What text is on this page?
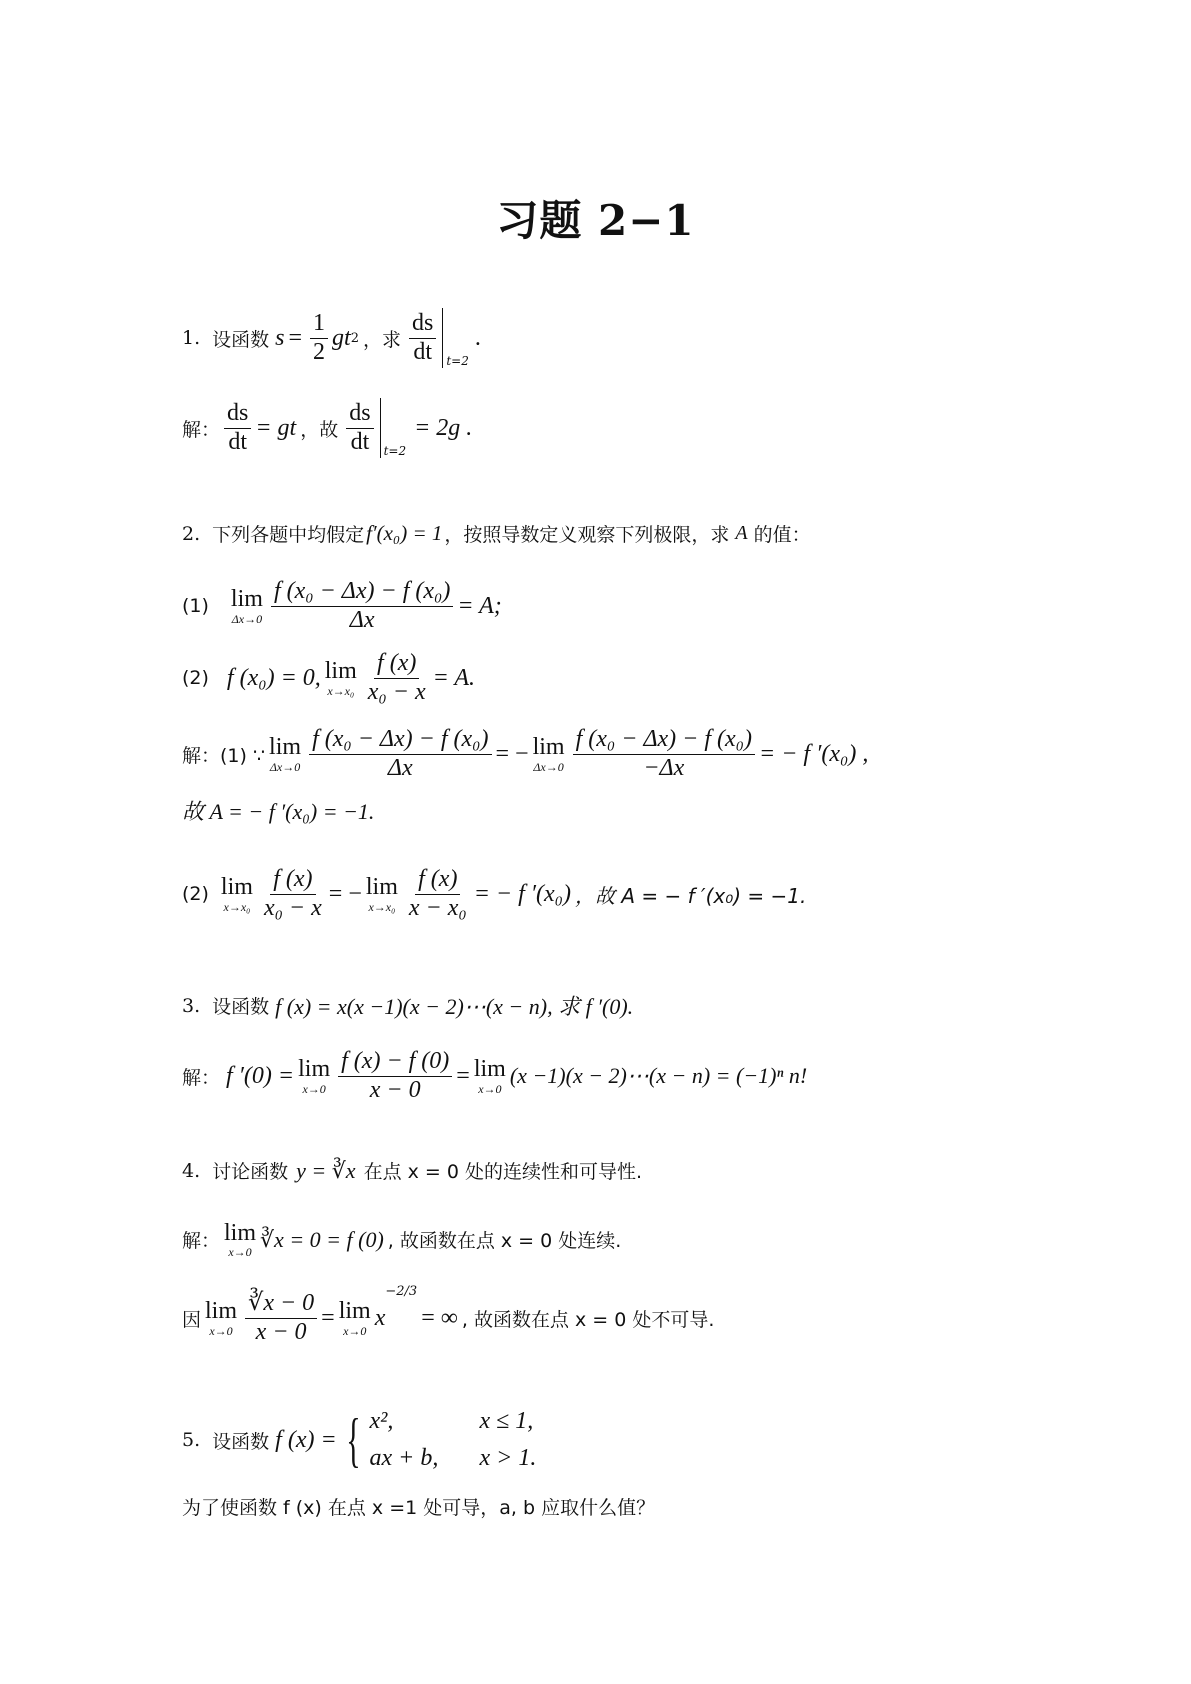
习题 2−1
1. 设函数 $s = \frac{1}{2}$ gt 2 ，求 $\frac{ds}{dt} t=2$
.
解： $\frac{ds}{dt}$ = gt ，故 $\frac{ds}{dt} t=2$
= 2g .
2. 下列各题中均假定 f′(x₀) = 1 ，按照导数定义观察下列极限，求 A 的值：
(1) lim
$\Delta x\to 0 \frac{\text{f (x₀ − Δx) − f (x₀)}}{\Delta x} = A$;
(2) f (x₀) = 0, lim
$x\to x_0 \frac{f (x)}{\text{x₀ − x}} = A$.
解：(1) ∵ lim
$\Delta x\to 0 \frac{\text{f (x₀ − Δx) − f (x₀)}}{\Delta x}$ = − lim
$\Delta x\to 0 \frac{\text{f (x₀ − Δx) − f (x₀)}}{-\Delta x}$ = − f ′(x₀) ,
故 A = − f ′(x₀) = −1.
(2) lim
$x\to x_0 \frac{f (x)}{\text{x₀ − x}}$ = − lim
$x\to x_0 \frac{f (x)}{\text{x − x₀}}$ = − f ′(x₀) ，故 A = − f ′(x₀) = −1.
3. 设函数 f (x) = x(x −1)(x − 2)⋯(x − n), 求 f ′(0).
解： f ′(0) = lim
$x\to 0 \frac{f (x) - f (0)}{x - 0} = \lim$
x→0
(x −1)(x − 2)⋯(x − n) = (−1)ⁿ n!
4. 讨论函数 y = ∛x 在点 x = 0 处的连续性和可导性.
解： lim
x→0
∛x = 0 = f (0) , 故函数在点 x = 0 处连续.
因 lim
$x\to 0 \frac{∛x - 0}{x - 0} = \lim$
x→0
x
−2/3
= ∞ , 故函数在点 x = 0 处不可导.
5. 设函数 f (x) = { x²,	x ≤ 1,
ax + b,	x > 1.
为了使函数 f (x) 在点 x =1 处可导，a, b 应取什么值？
